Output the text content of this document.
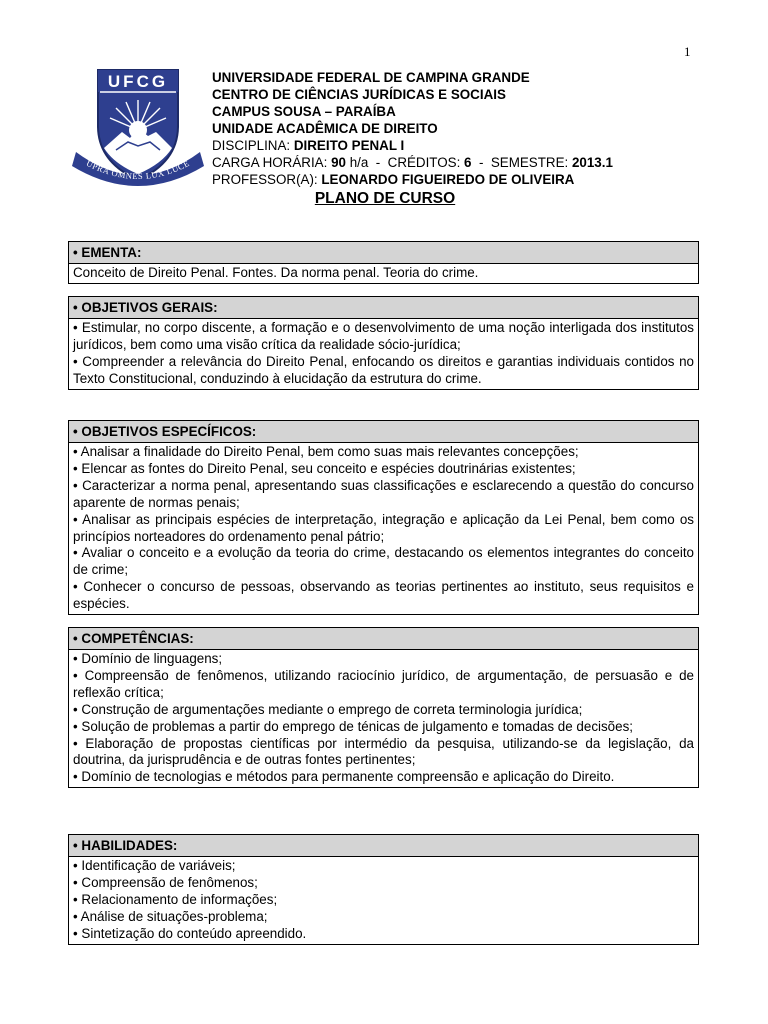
1
UFCG
UPRA OMNES LUX LUCE
UNIVERSIDADE FEDERAL DE CAMPINA GRANDE
CENTRO DE CIÊNCIAS JURÍDICAS E SOCIAIS
CAMPUS SOUSA – PARAÍBA
UNIDADE ACADÊMICA DE DIREITO
DISCIPLINA: DIREITO PENAL I
CARGA HORÁRIA: 90 h/a  -  CRÉDITOS: 6  -  SEMESTRE: 2013.1
PROFESSOR(A): LEONARDO FIGUEIREDO DE OLIVEIRA
PLANO DE CURSO
• EMENTA:
Conceito de Direito Penal. Fontes. Da norma penal. Teoria do crime.
• OBJETIVOS GERAIS:
• Estimular, no corpo discente, a formação e o desenvolvimento de uma noção interligada dos institutos jurídicos, bem como uma visão crítica da realidade sócio-jurídica;
• Compreender a relevância do Direito Penal, enfocando os direitos e garantias individuais contidos no Texto Constitucional, conduzindo à elucidação da estrutura do crime.
• OBJETIVOS ESPECÍFICOS:
• Analisar a finalidade do Direito Penal, bem como suas mais relevantes concepções;
• Elencar as fontes do Direito Penal, seu conceito e espécies doutrinárias existentes;
• Caracterizar a norma penal, apresentando suas classificações e esclarecendo a questão do concurso aparente de normas penais;
• Analisar as principais espécies de interpretação, integração e aplicação da Lei Penal, bem como os princípios norteadores do ordenamento penal pátrio;
• Avaliar o conceito e a evolução da teoria do crime, destacando os elementos integrantes do conceito de crime;
• Conhecer o concurso de pessoas, observando as teorias pertinentes ao instituto, seus requisitos e espécies.
• COMPETÊNCIAS:
• Domínio de linguagens;
• Compreensão de fenômenos, utilizando raciocínio jurídico, de argumentação, de persuasão e de reflexão crítica;
• Construção de argumentações mediante o emprego de correta terminologia jurídica;
• Solução de problemas a partir do emprego de ténicas de julgamento e tomadas de decisões;
• Elaboração de propostas científicas por intermédio da pesquisa, utilizando-se da legislação, da doutrina, da jurisprudência e de outras fontes pertinentes;
• Domínio de tecnologias e métodos para permanente compreensão e aplicação do Direito.
• HABILIDADES:
• Identificação de variáveis;
• Compreensão de fenômenos;
• Relacionamento de informações;
• Análise de situações-problema;
• Sintetização do conteúdo apreendido.
